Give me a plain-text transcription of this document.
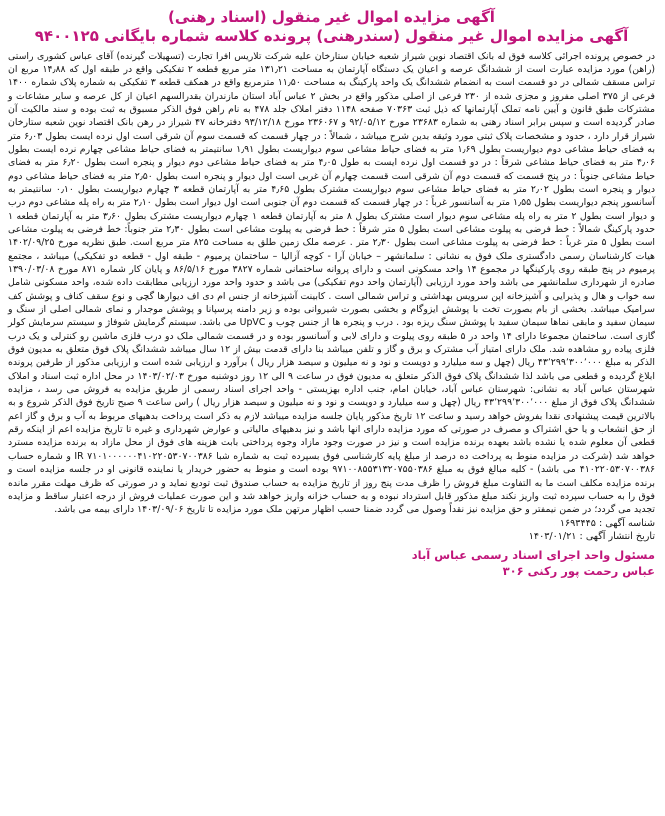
آگهی مزایده اموال غیر منقول (اسناد رهنی)

آگهی مزایده اموال غیر منقول (سندرهنی) پرونده کلاسه شماره بایگانی ۹۴۰۰۱۲۵

در خصوص پرونده اجرائی کلاسه فوق له بانک اقتصاد نوین شیراز شعبه خیابان ستارخان علیه شرکت تلاریس افرا تجارت (تسهیلات گیرنده) آقای عباس کشوری راستی (راهن) مورد مزایده عبارت است از ششدانگ عرصه و اعیان یک دستگاه آپارتمان به مساحت ۱۳۱٫۲۱ متر مربع قطعه ۲ تفکیکی واقع در طبقه اول که ۱۴٫۸۸ مربع ان تراس مسقف شمالی در دو قسمت است به انضمام ششدانگ یک واحد پارکینگ به مساحت ۱۱٫۵۰ مترمربع واقع در همکف قطعه ۳ تفکیکی به شماره پلاک شماره ۱۴۰۰ فرعی از ۳۷۵ اصلی مفروز و مجزی شده از ۲۳۰ فرعی از اصلی مذکور واقع در بخش ۲ عباس آباد استان مازندران بقدرالسهم اعیان از کل عرصه و سایر مشاعات و مشترکات طبق قانون و آیین نامه تملک آپارتمانها که ذیل ثبت ۷۰۳۶۳ صفحه ۱۱۴۸ دفتر املاک جلد ۴۷۸ به نام راهن فوق الذکر مسبوق به ثبت بوده و سند مالکیت آن صادر گردیده است و سپس برابر اسناد رهنی به شماره ۲۳۶۸۳ مورخ ۹۲/۰۵/۱۲ و ۲۳۶۰۶۷ مورخ ۹۳/۱۲/۱۸ دفترخانه ۴۷ شیراز در رهن بانک اقتصاد نوین شعبه ستارخان شیراز قرار دارد ، حدود و مشخصات پلاک ثبتی مورد وثیقه بدین شرح میباشد ، شمالاً : در چهار قسمت که قسمت سوم آن شرقی است اول نرده ایست بطول ۶٫۰۳ متر به فضای حیاط مشاعی دوم دیواریست بطول ۱٫۶۹ متر به فضای حیاط مشاعی سوم دیواریست بطول ۱٫۹۱ سانتیمتر به فضای حیاط مشاعی چهارم نرده ایست بطول ۴٫۰۶ متر به فضای حیاط مشاعی شرقاً : در دو قسمت اول نرده ایست به طول ۴٫۰۵ متر به فضای حیاط مشاعی دوم دیوار و پنجره است بطول ۶٫۲۰ متر به فضای حیاط مشاعی جنوباً : در پنج قسمت که قسمت دوم آن شرقی است قسمت چهارم آن غربی است اول دیوار و پنجره است بطول ۲٫۵۰ متر به فضای حیاط مشاعی دوم دیوار و پنجره است بطول ۲٫۰۲ متر به فضای حیاط مشاعی سوم دیواریست مشترک بطول ۴٫۶۵ متر به آپارتمان قطعه ۳ چهارم دیواریست بطول ۰٫۱۰ سانتیمتر به آسانسور پنجم دیواریست بطول ۱٫۵۵ متر به آسانسور غرباً : در چهار قسمت که قسمت دوم آن جنوبی است اول دیوار است بطول ۲٫۱۰ متر به راه پله مشاعی دوم درب و دیوار است بطول ۲ متر به راه پله مشاعی سوم دیوار است مشترک بطول ۸ متر به آپارتمان قطعه ۱ چهارم دیواریست مشترک بطول ۳٫۶۰ متر به آپارتمان قطعه ۱ حدود پارکینگ شمالاً : خط فرضی به پیلوت مشاعی است بطول ۵ متر شرقاً : خط فرضی به پیلوت مشاعی است بطول ۲٫۳۰ متر جنوباً: خط فرضی به پیلوت مشاعی است بطول ۵ متر غرباً : خط فرضی به پیلوت مشاعی است بطول ۲٫۳۰ متر . عرصه ملک زمین طلق به مساحت ۸۲۵ متر مربع است. طبق نظریه مورخ ۱۴۰۲/۰۹/۲۵ هیات کارشناسان رسمی دادگستری ملک فوق به نشانی : سلمانشهر – خیابان آرا - کوچه آزالیا – ساختمان پرمیوم - طبقه اول - قطعه دو تفکیکی) میباشد ، مجتمع پرمیوم در پنج طبقه روی پارکینگها در مجموع ۱۴ واحد مسکونی است و دارای پروانه ساختمانی شماره ۳۸۲۷ مورخ ۸۶/۵/۱۶ و پایان کار شماره ۸۷۱ مورخ ۱۳۹۰/۰۳/۰۸ صادره از شهرداری سلمانشهر می باشد واحد مورد ارزیابی (آپارتمان واحد دوم تفکیکی) می باشد و حدود واحد مورد ارزیابی مطابقت داده شده، واحد مسکونی شامل سه خواب و هال و پذیرایی و آشپزخانه اپن سرویس بهداشتی و تراس شمالی است . کابینت آشپزخانه از جنس ام دی اف دیوارها گچی و نوع سقف کناف و پوشش کف سرامیک میباشد. بخشی از بام بصورت تخت با پوشش ایزوگام و بخشی بصورت شیروانی بوده و زیر دامنه پرسپانا و پوشش موجدار و نمای شمالی اصلی از سنگ و سیمان سفید و مابقی نماها سیمان سفید با پوشش سنگ ریزه بود . درب و پنجره ها از جنس چوب و UpVC می باشد. سیستم گرمایش شوفاژ و سیستم سرمایش کولر گازی است. ساختمان مجموعا دارای ۱۴ واحد در ۵ طبقه روی پیلوت و دارای لابی و آسانسور بوده و در قسمت شمالی ملک دو درب فلزی ماشین رو کنترلی و یک درب فلزی پیاده رو مشاهده شد. ملک دارای امتیاز آب مشترک و برق و گاز و تلفن میباشد بنا دارای قدمت بیش از ۱۲ سال میباشد ششدانگ پلاک فوق متعلق به مدیون فوق الذکر به مبلغ ۴۳٬۲۹۹٬۳۰۰٬۰۰۰ ریال (چهل و سه میلیارد و دویست و نود و نه میلیون و سیصد هزار ریال ) برآورد و ارزیابی شده است و ارزیابی مذکور از طرفین پرونده ابلاغ گردیده و قطعی می باشد لذا ششدانگ پلاک فوق الذکر متعلق به مدیون فوق در ساعت ۹ الی ۱۲ روز دوشنبه مورخ ۱۴۰۳/۰۲/۰۳ در محل اداره ثبت اسناد و املاک شهرستان عباس آباد به نشانی: شهرستان عباس آباد، خیابان امام، جنب اداره بهزیستی - واحد اجرای اسناد رسمی از طریق مزایده به فروش می رسد ، مزایده ششدانگ پلاک فوق از مبلغ ۴۳٬۲۹۹٬۳۰۰٬۰۰۰ ریال (چهل و سه میلیارد و دویست و نود و نه میلیون و سیصد هزار ریال ) راس ساعت ۹ صبح تاریخ فوق الذکر شروع و به بالاترین قیمت پیشنهادی نقدا بفروش خواهد رسید و ساعت ۱۲ تاریخ مذکور پایان جلسه مزایده میباشد لازم به ذکر است پرداخت بدهیهای مربوط به آب و برق و گاز اعم از حق انشعاب و یا حق اشتراک و مصرف در صورتی که مورد مزایده دارای انها باشد و نیز بدهیهای مالیاتی و عوارض شهرداری و غیره تا تاریخ مزایده اعم از اینکه رقم قطعی آن معلوم شده یا نشده باشد بعهده برنده مزایده است و نیز در صورت وجود مازاد وجوه پرداختی بابت هزینه های فوق از محل مازاد به برنده مزایده مسترد خواهد شد (شرکت در مزایده منوط به پرداخت ده درصد از مبلغ پایه کارشناسی فوق بسپرده ثبت به شماره شبا IR ۷۱۰۱۰۰۰۰۰۰۴۱۰۲۲۰۵۳۰۷۰۰۳۸۶ و شماره حساب ۴۱۰۲۲۰۵۳۰۷۰۰۳۸۶ می باشد) - کلیه مبالغ فوق به مبلغ ۹۷۱۰۰۸۵۵۳۱۳۲۰۷۵۵۰۳۸۶ بوده است و منوط به حضور خریدار یا نماینده قانونی او در جلسه مزایده است و برنده مزایده مکلف است ما به التفاوت مبلغ فروش را ظرف مدت پنج روز از تاریخ مزایده به حساب صندوق ثبت تودیع نماید و در صورتی که ظرف مهلت مقرر مانده فوق را به حساب سپرده ثبت واریز نکند مبلغ مذکور قابل استرداد نبوده و به حساب خزانه واریز خواهد شد و این صورت عملیات فروش از درجه اعتبار ساقط و مزایده تجدید می گردد؛ در ضمن نیمفتر و حق مزایده نیز نقداً وصول می گردد ضمنا حسب اظهار مرتهن ملک مورد مزایده تا تاریخ ۱۴۰۳/۰۹/۰۶ دارای بیمه می باشد.

شناسه آگهی : ۱۶۹۳۴۴۵

تاریخ انتشار آگهی : ۱۴۰۳/۰۱/۲۱

مسئول واحد اجرای اسناد رسمی عباس آباد

عباس رحمت پور رکنی ۳۰۶
